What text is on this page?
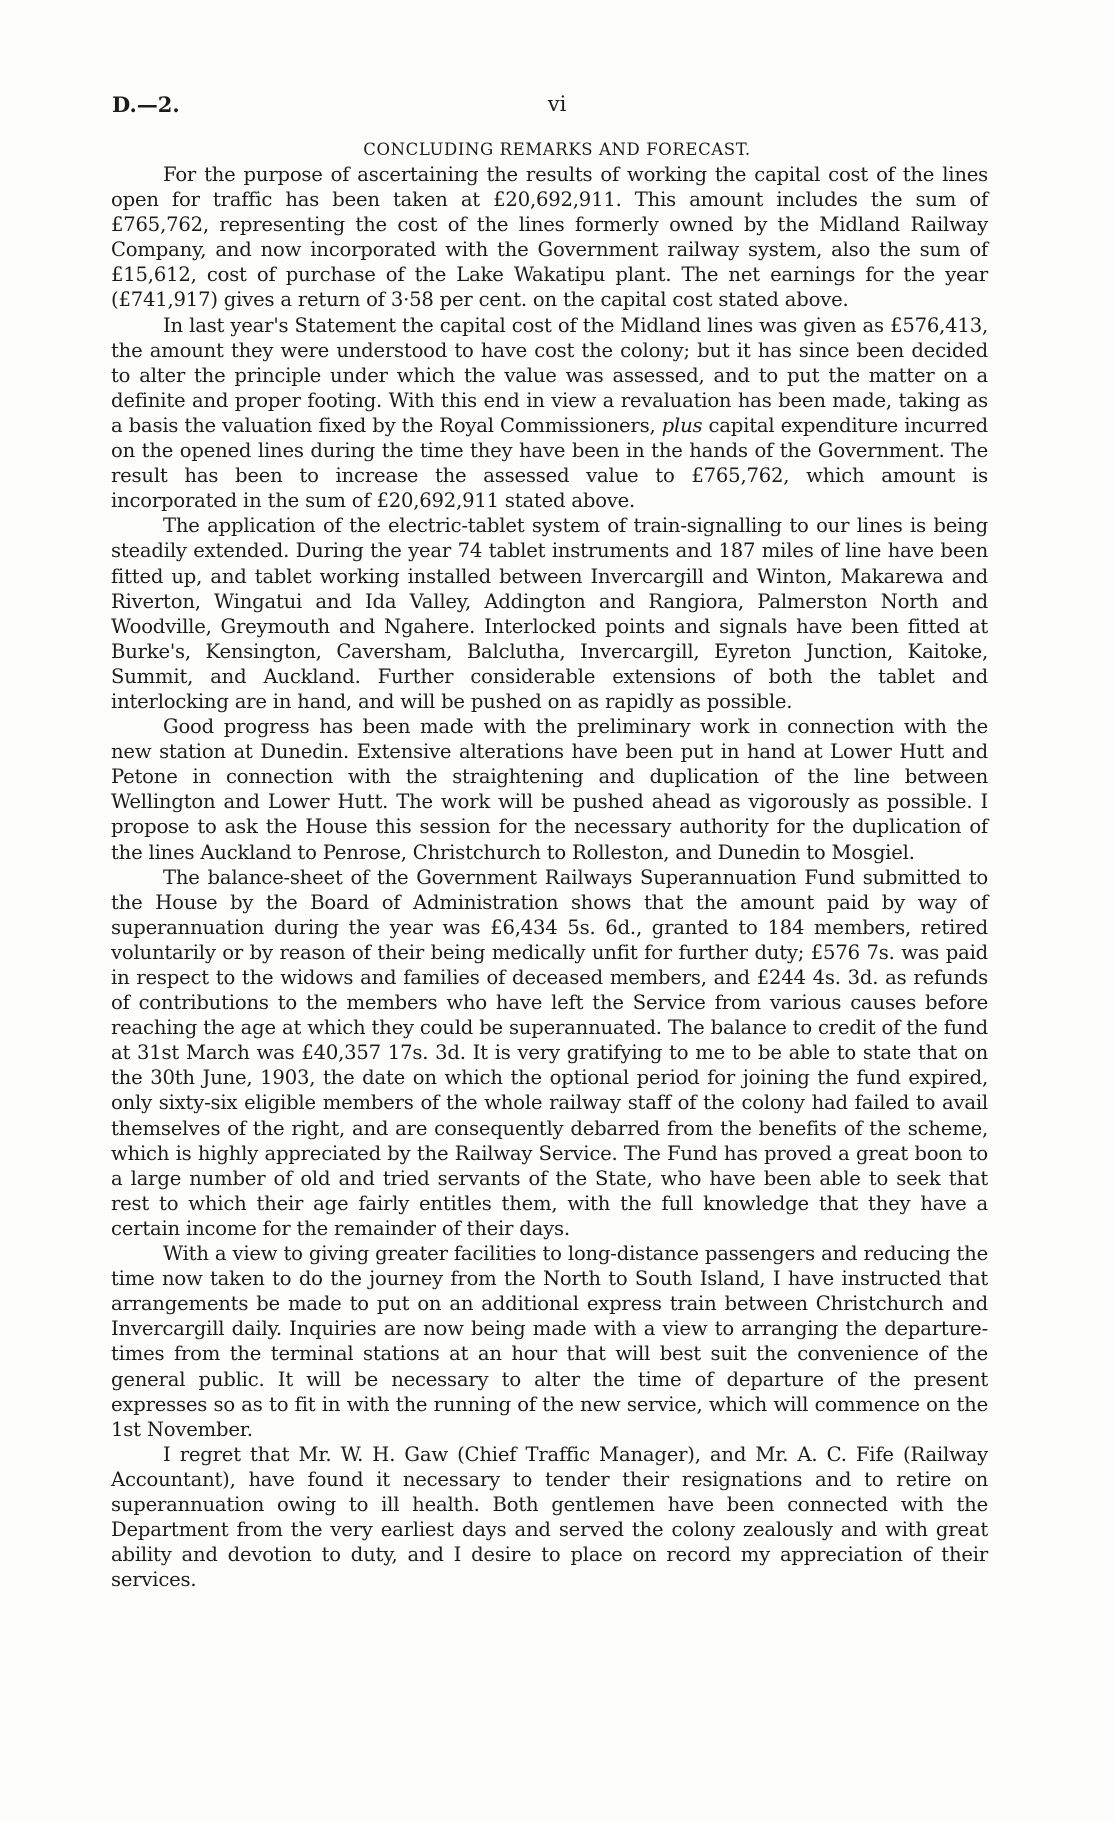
D.—2.	vi
CONCLUDING REMARKS AND FORECAST.

For the purpose of ascertaining the results of working the capital cost of the lines open for traffic has been taken at £20,692,911. This amount includes the sum of £765,762, representing the cost of the lines formerly owned by the Midland Railway Company, and now incorporated with the Government railway system, also the sum of £15,612, cost of purchase of the Lake Wakatipu plant. The net earnings for the year (£741,917) gives a return of 3·58 per cent. on the capital cost stated above.

In last year's Statement the capital cost of the Midland lines was given as £576,413, the amount they were understood to have cost the colony; but it has since been decided to alter the principle under which the value was assessed, and to put the matter on a definite and proper footing. With this end in view a revaluation has been made, taking as a basis the valuation fixed by the Royal Commissioners, plus capital expenditure incurred on the opened lines during the time they have been in the hands of the Government. The result has been to increase the assessed value to £765,762, which amount is incorporated in the sum of £20,692,911 stated above.

The application of the electric-tablet system of train-signalling to our lines is being steadily extended. During the year 74 tablet instruments and 187 miles of line have been fitted up, and tablet working installed between Invercargill and Winton, Makarewa and Riverton, Wingatui and Ida Valley, Addington and Rangiora, Palmerston North and Woodville, Greymouth and Ngahere. Interlocked points and signals have been fitted at Burke's, Kensington, Caversham, Balclutha, Invercargill, Eyreton Junction, Kaitoke, Summit, and Auckland. Further considerable extensions of both the tablet and interlocking are in hand, and will be pushed on as rapidly as possible.

Good progress has been made with the preliminary work in connection with the new station at Dunedin. Extensive alterations have been put in hand at Lower Hutt and Petone in connection with the straightening and duplication of the line between Wellington and Lower Hutt. The work will be pushed ahead as vigorously as possible. I propose to ask the House this session for the necessary authority for the duplication of the lines Auckland to Penrose, Christchurch to Rolleston, and Dunedin to Mosgiel.

The balance-sheet of the Government Railways Superannuation Fund submitted to the House by the Board of Administration shows that the amount paid by way of superannuation during the year was £6,434 5s. 6d., granted to 184 members, retired voluntarily or by reason of their being medically unfit for further duty; £576 7s. was paid in respect to the widows and families of deceased members, and £244 4s. 3d. as refunds of contributions to the members who have left the Service from various causes before reaching the age at which they could be superannuated. The balance to credit of the fund at 31st March was £40,357 17s. 3d. It is very gratifying to me to be able to state that on the 30th June, 1903, the date on which the optional period for joining the fund expired, only sixty-six eligible members of the whole railway staff of the colony had failed to avail themselves of the right, and are consequently debarred from the benefits of the scheme, which is highly appreciated by the Railway Service. The Fund has proved a great boon to a large number of old and tried servants of the State, who have been able to seek that rest to which their age fairly entitles them, with the full knowledge that they have a certain income for the remainder of their days.

With a view to giving greater facilities to long-distance passengers and reducing the time now taken to do the journey from the North to South Island, I have instructed that arrangements be made to put on an additional express train between Christchurch and Invercargill daily. Inquiries are now being made with a view to arranging the departure-times from the terminal stations at an hour that will best suit the convenience of the general public. It will be necessary to alter the time of departure of the present expresses so as to fit in with the running of the new service, which will commence on the 1st November.

I regret that Mr. W. H. Gaw (Chief Traffic Manager), and Mr. A. C. Fife (Railway Accountant), have found it necessary to tender their resignations and to retire on superannuation owing to ill health. Both gentlemen have been connected with the Department from the very earliest days and served the colony zealously and with great ability and devotion to duty, and I desire to place on record my appreciation of their services.
